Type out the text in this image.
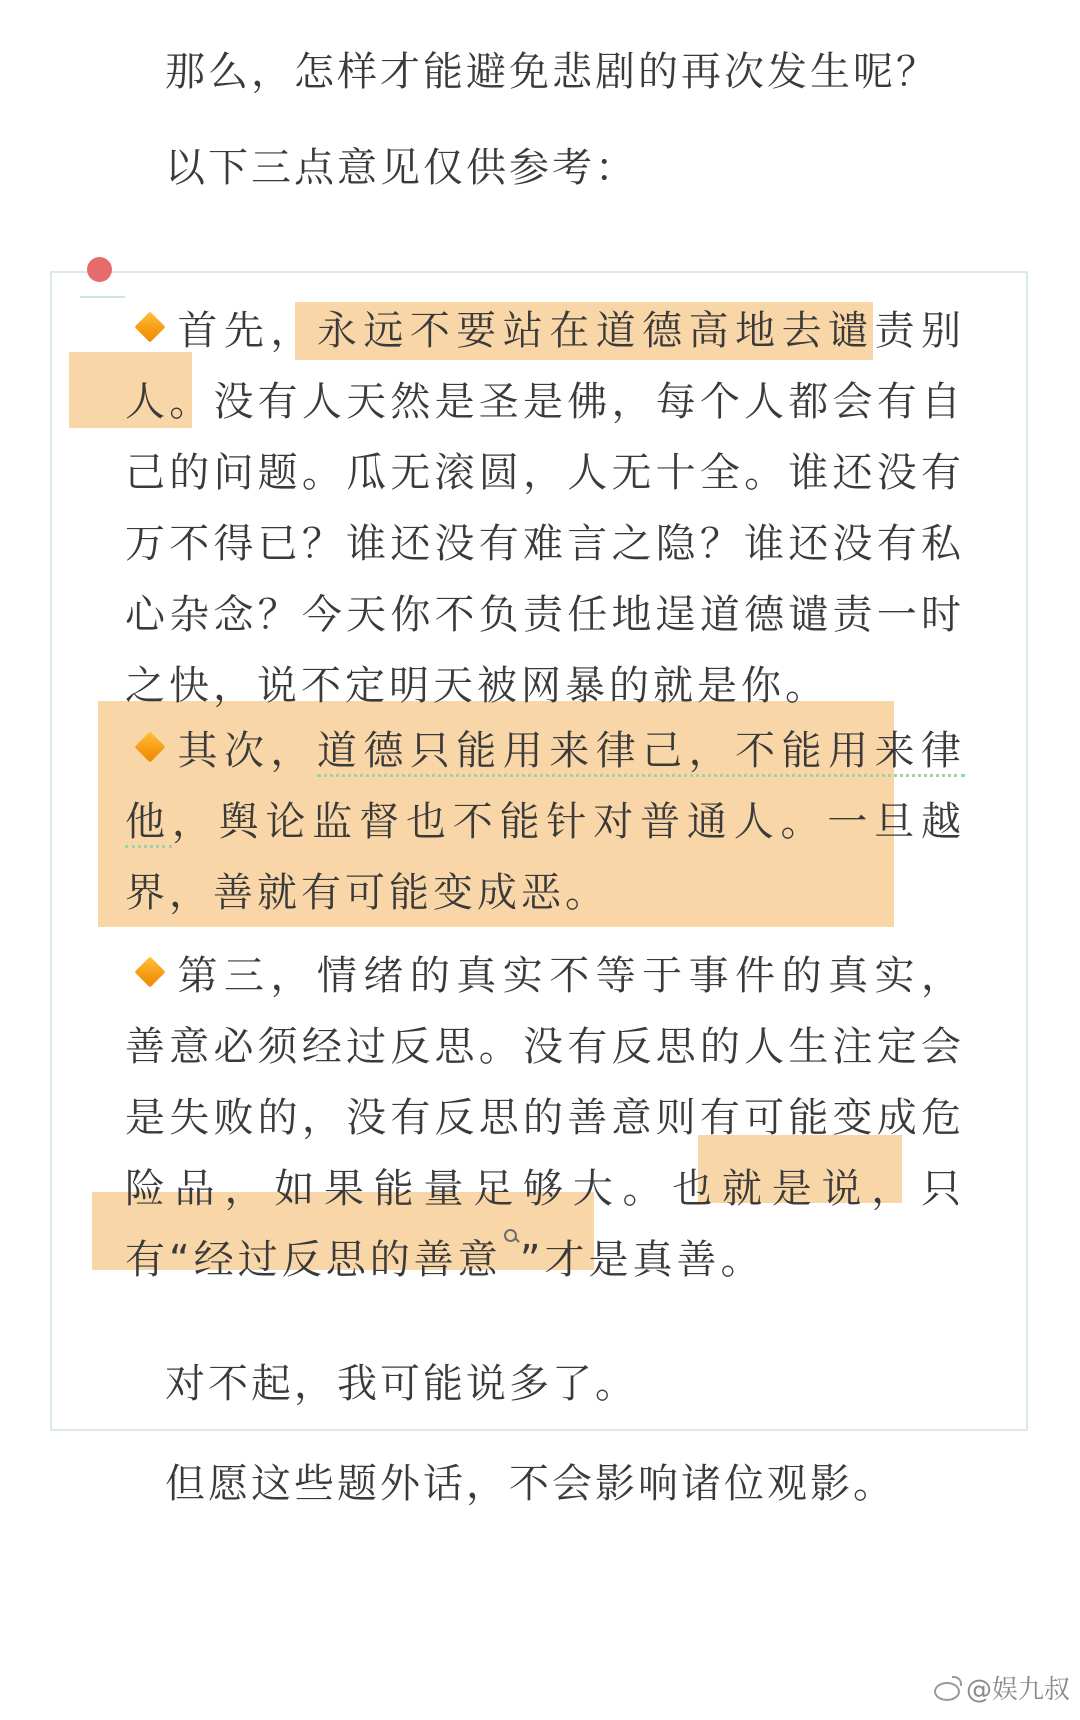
那么，怎样才能避免悲剧的再次发生呢？
以下三点意见仅供参考：

首先，永远不要站在道德高地去谴责别人。没有人天然是圣是佛，每个人都会有自己的问题。瓜无滚圆，人无十全。谁还没有万不得已？谁还没有难言之隐？谁还没有私心杂念？今天你不负责任地逞道德谴责一时之快，说不定明天被网暴的就是你。

其次，道德只能用来律己，不能用来律他，舆论监督也不能针对普通人。一旦越界，善就有可能变成恶。

第三，情绪的真实不等于事件的真实，善意必须经过反思。没有反思的人生注定会是失败的，没有反思的善意则有可能变成危险品，如果能量足够大。也就是说，只有“经过反思的善意 ”才是真善。

对不起，我可能说多了。
但愿这些题外话，不会影响诸位观影。
@娱九叔
